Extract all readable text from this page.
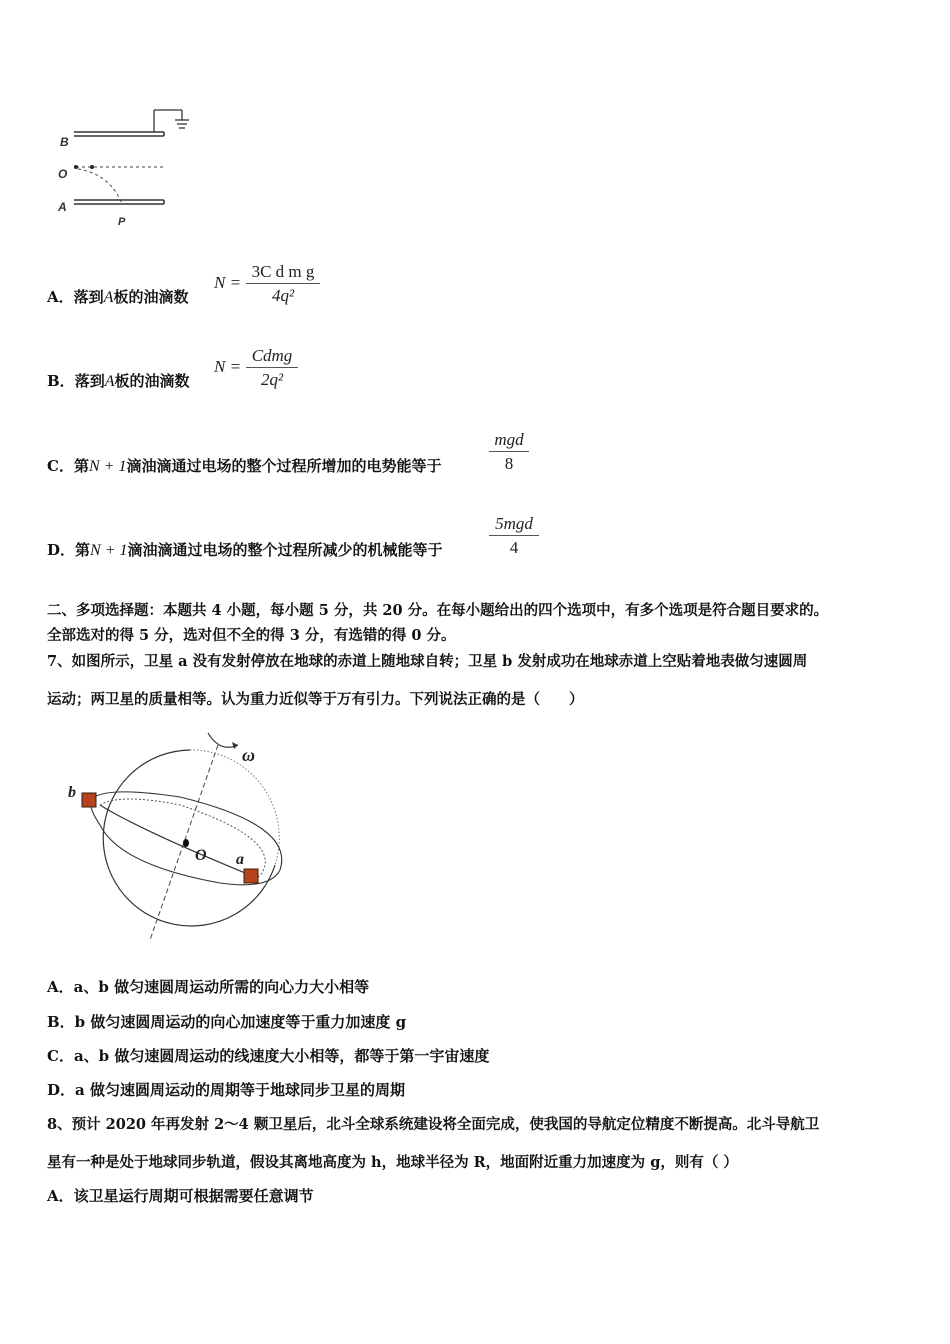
B
O
A
P
A．落到A板的油滴数
$N = \frac{\text{3C d m g}}{\text{4q²}}$
B．落到A板的油滴数
N =
Cdmg
2q²
C．第N + 1滴油滴通过电场的整个过程所增加的电势能等于
mgd
8
D．第N + 1滴油滴通过电场的整个过程所减少的机械能等于
5mgd
4
二、多项选择题：本题共 4 小题，每小题 5 分，共 20 分。在每小题给出的四个选项中，有多个选项是符合题目要求的。
全部选对的得 5 分，选对但不全的得 3 分，有选错的得 0 分。
7、如图所示，卫星 a 没有发射停放在地球的赤道上随地球自转；卫星 b 发射成功在地球赤道上空贴着地表做匀速圆周
运动；两卫星的质量相等。认为重力近似等于万有引力。下列说法正确的是（　　）
ω
b
O a
A．a、b 做匀速圆周运动所需的向心力大小相等
B．b 做匀速圆周运动的向心加速度等于重力加速度 g
C．a、b 做匀速圆周运动的线速度大小相等，都等于第一宇宙速度
D．a 做匀速圆周运动的周期等于地球同步卫星的周期
8、预计 2020 年再发射 2～4 颗卫星后，北斗全球系统建设将全面完成，使我国的导航定位精度不断提高。北斗导航卫
星有一种是处于地球同步轨道，假设其离地高度为 h，地球半径为 R，地面附近重力加速度为 g，则有（ ）
A．该卫星运行周期可根据需要任意调节
